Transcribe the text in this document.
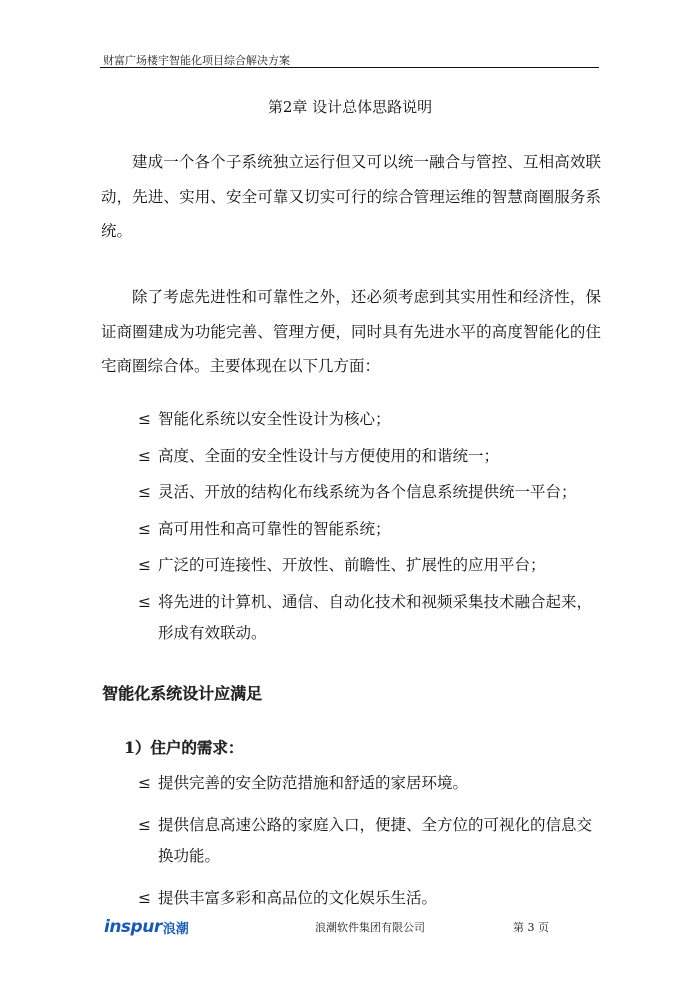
财富广场楼宇智能化项目综合解决方案
第2章 设计总体思路说明

建成一个各个子系统独立运行但又可以统一融合与管控、互相高效联动，先进、实用、安全可靠又切实可行的综合管理运维的智慧商圈服务系统。

除了考虑先进性和可靠性之外，还必须考虑到其实用性和经济性，保证商圈建成为功能完善、管理方便，同时具有先进水平的高度智能化的住宅商圈综合体。主要体现在以下几方面：

≤ 智能化系统以安全性设计为核心；
≤ 高度、全面的安全性设计与方便使用的和谐统一；
≤ 灵活、开放的结构化布线系统为各个信息系统提供统一平台；
≤ 高可用性和高可靠性的智能系统；
≤ 广泛的可连接性、开放性、前瞻性、扩展性的应用平台；
≤ 将先进的计算机、通信、自动化技术和视频采集技术融合起来，形成有效联动。
智能化系统设计应满足
1）住户的需求：
≤ 提供完善的安全防范措施和舒适的家居环境。
≤ 提供信息高速公路的家庭入口，便捷、全方位的可视化的信息交换功能。
≤ 提供丰富多彩和高品位的文化娱乐生活。
inspur 浪潮	浪潮软件集团有限公司	第 3 页
